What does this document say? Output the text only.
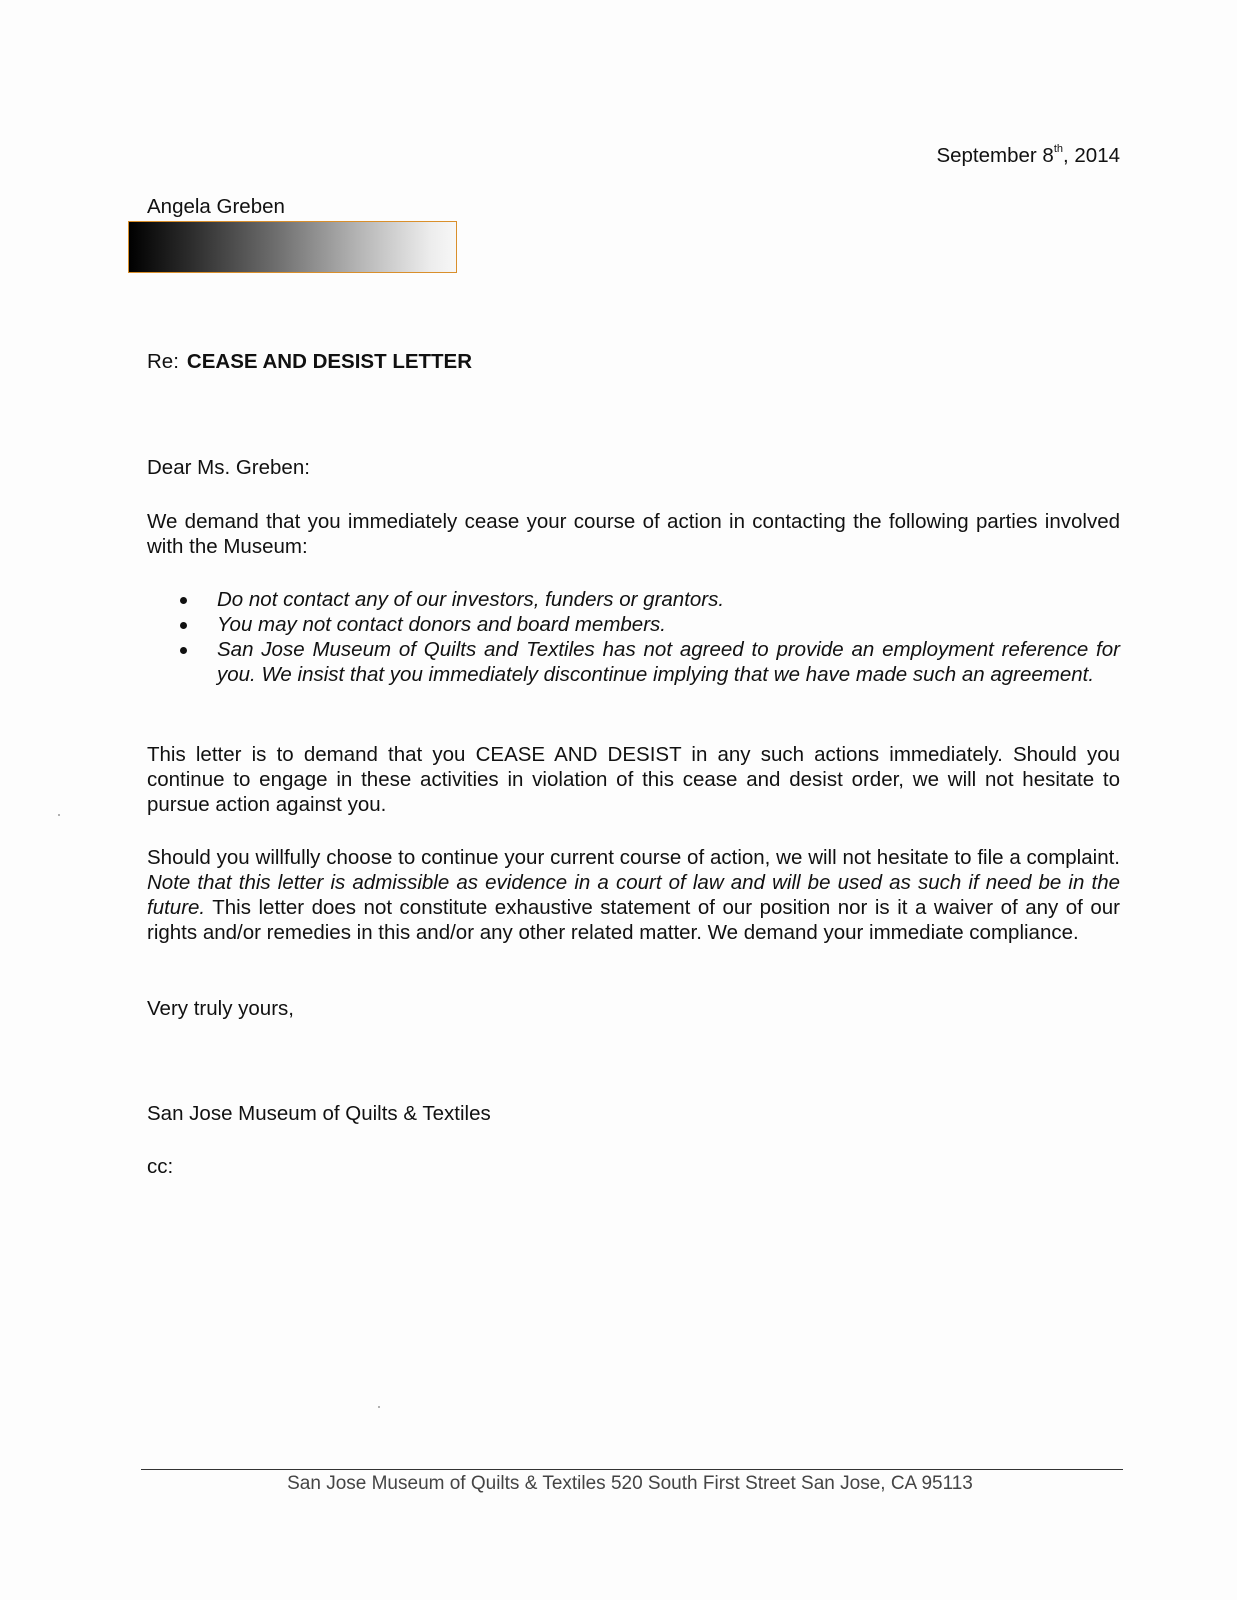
September 8th, 2014
Angela Greben
Re: CEASE AND DESIST LETTER
Dear Ms. Greben:
We demand that you immediately cease your course of action in contacting the following parties involved with the Museum:
Do not contact any of our investors, funders or grantors.
You may not contact donors and board members.
San Jose Museum of Quilts and Textiles has not agreed to provide an employment reference for you. We insist that you immediately discontinue implying that we have made such an agreement.
This letter is to demand that you CEASE AND DESIST in any such actions immediately. Should you continue to engage in these activities in violation of this cease and desist order, we will not hesitate to pursue action against you.
Should you willfully choose to continue your current course of action, we will not hesitate to file a complaint. Note that this letter is admissible as evidence in a court of law and will be used as such if need be in the future. This letter does not constitute exhaustive statement of our position nor is it a waiver of any of our rights and/or remedies in this and/or any other related matter. We demand your immediate compliance.
Very truly yours,
San Jose Museum of Quilts & Textiles
cc:
San Jose Museum of Quilts & Textiles 520 South First Street San Jose, CA 95113
